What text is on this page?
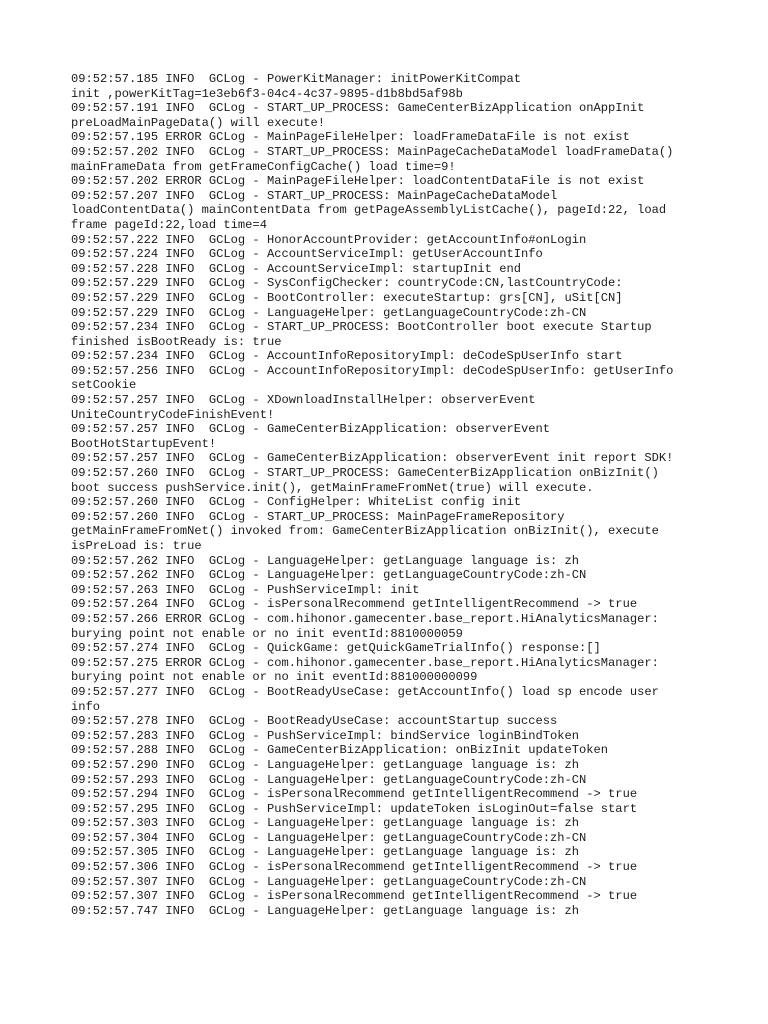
09:52:57.185 INFO  GCLog - PowerKitManager: initPowerKitCompat
init ,powerKitTag=1e3eb6f3-04c4-4c37-9895-d1b8bd5af98b
09:52:57.191 INFO  GCLog - START_UP_PROCESS: GameCenterBizApplication onAppInit
preLoadMainPageData() will execute!
09:52:57.195 ERROR GCLog - MainPageFileHelper: loadFrameDataFile is not exist
09:52:57.202 INFO  GCLog - START_UP_PROCESS: MainPageCacheDataModel loadFrameData()
mainFrameData from getFrameConfigCache() load time=9!
09:52:57.202 ERROR GCLog - MainPageFileHelper: loadContentDataFile is not exist
09:52:57.207 INFO  GCLog - START_UP_PROCESS: MainPageCacheDataModel
loadContentData() mainContentData from getPageAssemblyListCache(), pageId:22, load
frame pageId:22,load time=4
09:52:57.222 INFO  GCLog - HonorAccountProvider: getAccountInfo#onLogin
09:52:57.224 INFO  GCLog - AccountServiceImpl: getUserAccountInfo
09:52:57.228 INFO  GCLog - AccountServiceImpl: startupInit end
09:52:57.229 INFO  GCLog - SysConfigChecker: countryCode:CN,lastCountryCode:
09:52:57.229 INFO  GCLog - BootController: executeStartup: grs[CN], uSit[CN]
09:52:57.229 INFO  GCLog - LanguageHelper: getLanguageCountryCode:zh-CN
09:52:57.234 INFO  GCLog - START_UP_PROCESS: BootController boot execute Startup
finished isBootReady is: true
09:52:57.234 INFO  GCLog - AccountInfoRepositoryImpl: deCodeSpUserInfo start
09:52:57.256 INFO  GCLog - AccountInfoRepositoryImpl: deCodeSpUserInfo: getUserInfo
setCookie
09:52:57.257 INFO  GCLog - XDownloadInstallHelper: observerEvent
UniteCountryCodeFinishEvent!
09:52:57.257 INFO  GCLog - GameCenterBizApplication: observerEvent
BootHotStartupEvent!
09:52:57.257 INFO  GCLog - GameCenterBizApplication: observerEvent init report SDK!
09:52:57.260 INFO  GCLog - START_UP_PROCESS: GameCenterBizApplication onBizInit()
boot success pushService.init(), getMainFrameFromNet(true) will execute.
09:52:57.260 INFO  GCLog - ConfigHelper: WhiteList config init
09:52:57.260 INFO  GCLog - START_UP_PROCESS: MainPageFrameRepository
getMainFrameFromNet() invoked from: GameCenterBizApplication onBizInit(), execute
isPreLoad is: true
09:52:57.262 INFO  GCLog - LanguageHelper: getLanguage language is: zh
09:52:57.262 INFO  GCLog - LanguageHelper: getLanguageCountryCode:zh-CN
09:52:57.263 INFO  GCLog - PushServiceImpl: init
09:52:57.264 INFO  GCLog - isPersonalRecommend getIntelligentRecommend -> true
09:52:57.266 ERROR GCLog - com.hihonor.gamecenter.base_report.HiAnalyticsManager:
burying point not enable or no init eventId:8810000059
09:52:57.274 INFO  GCLog - QuickGame: getQuickGameTrialInfo() response:[]
09:52:57.275 ERROR GCLog - com.hihonor.gamecenter.base_report.HiAnalyticsManager:
burying point not enable or no init eventId:881000000099
09:52:57.277 INFO  GCLog - BootReadyUseCase: getAccountInfo() load sp encode user
info
09:52:57.278 INFO  GCLog - BootReadyUseCase: accountStartup success
09:52:57.283 INFO  GCLog - PushServiceImpl: bindService loginBindToken
09:52:57.288 INFO  GCLog - GameCenterBizApplication: onBizInit updateToken
09:52:57.290 INFO  GCLog - LanguageHelper: getLanguage language is: zh
09:52:57.293 INFO  GCLog - LanguageHelper: getLanguageCountryCode:zh-CN
09:52:57.294 INFO  GCLog - isPersonalRecommend getIntelligentRecommend -> true
09:52:57.295 INFO  GCLog - PushServiceImpl: updateToken isLoginOut=false start
09:52:57.303 INFO  GCLog - LanguageHelper: getLanguage language is: zh
09:52:57.304 INFO  GCLog - LanguageHelper: getLanguageCountryCode:zh-CN
09:52:57.305 INFO  GCLog - LanguageHelper: getLanguage language is: zh
09:52:57.306 INFO  GCLog - isPersonalRecommend getIntelligentRecommend -> true
09:52:57.307 INFO  GCLog - LanguageHelper: getLanguageCountryCode:zh-CN
09:52:57.307 INFO  GCLog - isPersonalRecommend getIntelligentRecommend -> true
09:52:57.747 INFO  GCLog - LanguageHelper: getLanguage language is: zh
